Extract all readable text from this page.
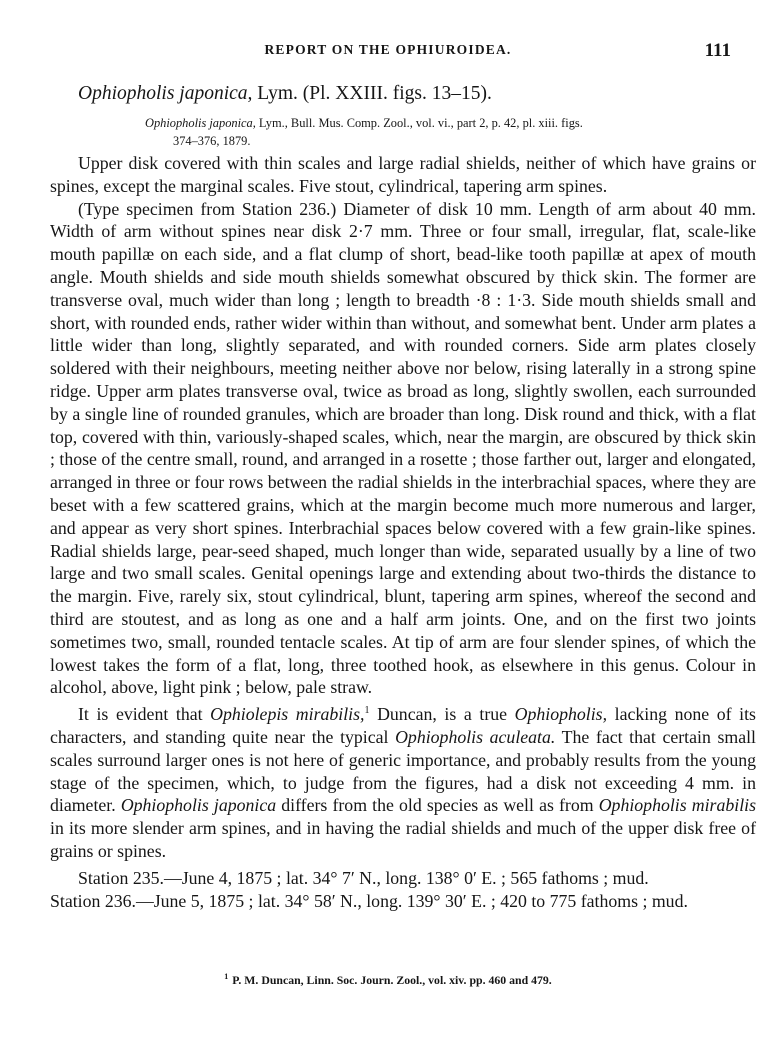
REPORT ON THE OPHIUROIDEA.	111
Ophiopholis japonica, Lym. (Pl. XXIII. figs. 13–15).
Ophiopholis japonica, Lym., Bull. Mus. Comp. Zool., vol. vi., part 2, p. 42, pl. xiii. figs.
374–376, 1879.

Upper disk covered with thin scales and large radial shields, neither of which have grains or spines, except the marginal scales. Five stout, cylindrical, tapering arm spines.

(Type specimen from Station 236.) Diameter of disk 10 mm. Length of arm about 40 mm. Width of arm without spines near disk 2·7 mm. Three or four small, irregular, flat, scale-like mouth papillæ on each side, and a flat clump of short, bead-like tooth papillæ at apex of mouth angle. Mouth shields and side mouth shields somewhat obscured by thick skin. The former are transverse oval, much wider than long ; length to breadth ·8 : 1·3. Side mouth shields small and short, with rounded ends, rather wider within than without, and somewhat bent. Under arm plates a little wider than long, slightly separated, and with rounded corners. Side arm plates closely soldered with their neighbours, meeting neither above nor below, rising laterally in a strong spine ridge. Upper arm plates transverse oval, twice as broad as long, slightly swollen, each surrounded by a single line of rounded granules, which are broader than long. Disk round and thick, with a flat top, covered with thin, variously-shaped scales, which, near the margin, are obscured by thick skin ; those of the centre small, round, and arranged in a rosette ; those farther out, larger and elongated, arranged in three or four rows between the radial shields in the interbrachial spaces, where they are beset with a few scattered grains, which at the margin become much more numerous and larger, and appear as very short spines. Interbrachial spaces below covered with a few grain-like spines. Radial shields large, pear-seed shaped, much longer than wide, separated usually by a line of two large and two small scales. Genital openings large and extending about two-thirds the distance to the margin. Five, rarely six, stout cylindrical, blunt, tapering arm spines, whereof the second and third are stoutest, and as long as one and a half arm joints. One, and on the first two joints sometimes two, small, rounded tentacle scales. At tip of arm are four slender spines, of which the lowest takes the form of a flat, long, three toothed hook, as elsewhere in this genus. Colour in alcohol, above, light pink ; below, pale straw.

It is evident that Ophiolepis mirabilis,$^1$ Duncan, is a true Ophiopholis, lacking none of its characters, and standing quite near the typical Ophiopholis aculeata. The fact that certain small scales surround larger ones is not here of generic importance, and probably results from the young stage of the specimen, which, to judge from the figures, had a disk not exceeding 4 mm. in diameter. Ophiopholis japonica differs from the old species as well as from Ophiopholis mirabilis in its more slender arm spines, and in having the radial shields and much of the upper disk free of grains or spines.

Station 235.—June 4, 1875 ; lat. 34° 7′ N., long. 138° 0′ E. ; 565 fathoms ; mud.
Station 236.—June 5, 1875 ; lat. 34° 58′ N., long. 139° 30′ E. ; 420 to 775 fathoms ; mud.
$^1$ P. M. Duncan, Linn. Soc. Journ. Zool., vol. xiv. pp. 460 and 479.
